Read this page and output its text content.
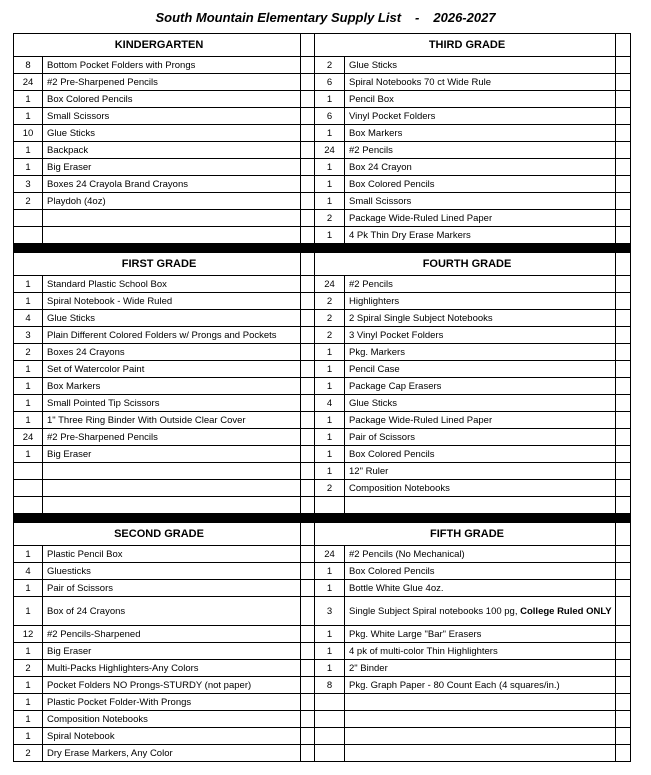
South Mountain Elementary Supply List - 2026-2027
KINDERGARTEN			THIRD GRADE		
8	Bottom Pocket Folders with Prongs		2	Glue Sticks	
24	#2 Pre-Sharpened Pencils		6	Spiral Notebooks 70 ct Wide Rule	
1	Box Colored Pencils		1	Pencil Box	
1	Small Scissors		6	Vinyl Pocket Folders	
10	Glue Sticks		1	Box Markers	
1	Backpack		24	#2 Pencils	
1	Big Eraser		1	Box 24 Crayon	
3	Boxes 24 Crayola Brand Crayons		1	Box Colored Pencils	
2	Playdoh (4oz)		1	Small Scissors	
			2	Package Wide-Ruled Lined Paper	
			1	4 Pk Thin Dry Erase Markers	

FIRST GRADE			FOURTH GRADE		
1	Standard Plastic School Box		24	#2 Pencils	
1	Spiral Notebook - Wide Ruled		2	Highlighters	
4	Glue Sticks		2	2 Spiral Single Subject Notebooks	
3	Plain Different Colored Folders w/ Prongs and Pockets		2	3 Vinyl Pocket Folders	
2	Boxes 24 Crayons		1	Pkg. Markers	
1	Set of Watercolor Paint		1	Pencil Case	
1	Box Markers		1	Package Cap Erasers	
1	Small Pointed Tip Scissors		4	Glue Sticks	
1	1" Three Ring Binder With Outside Clear Cover		1	Package Wide-Ruled Lined Paper	
24	#2 Pre-Sharpened Pencils		1	Pair of Scissors	
1	Big Eraser		1	Box Colored Pencils	
			1	12" Ruler	
			2	Composition Notebooks	

SECOND GRADE			FIFTH GRADE		
1	Plastic Pencil Box		24	#2 Pencils (No Mechanical)	
4	Gluesticks		1	Box Colored Pencils	
1	Pair of Scissors		1	Bottle White Glue 4oz.	
1	Box of 24 Crayons		3	Single Subject Spiral notebooks 100 pg, College Ruled ONLY	
12	#2 Pencils-Sharpened		1	Pkg. White Large "Bar" Erasers	
1	Big Eraser		1	4 pk of multi-color Thin Highlighters	
2	Multi-Packs Highlighters-Any Colors		1	2" Binder	
1	Pocket Folders NO Prongs-STURDY (not paper)		8	Pkg. Graph Paper - 80 Count Each (4 squares/in.)	
1	Plastic Pocket Folder-With Prongs				
1	Composition Notebooks				
1	Spiral Notebook				
2	Dry Erase Markers, Any Color				
